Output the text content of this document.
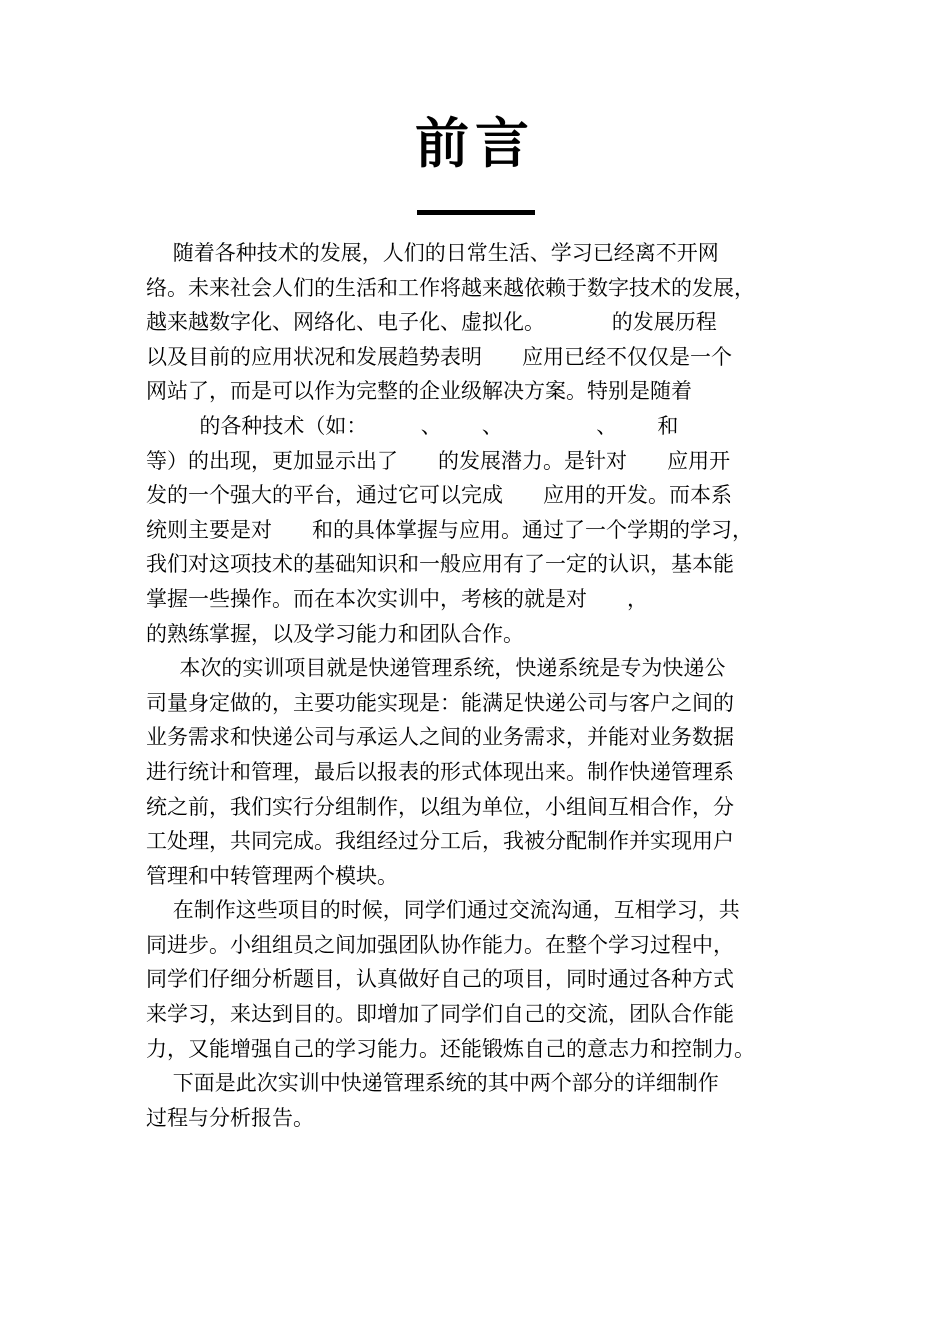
前言
随着各种技术的发展，人们的日常生活、学习已经离不开网
络。未来社会人们的生活和工作将越来越依赖于数字技术的发展，
越来越数字化、网络化、电子化、虚拟化。          的发展历程
以及目前的应用状况和发展趋势表明      应用已经不仅仅是一个
网站了，而是可以作为完整的企业级解决方案。特别是随着
的各种技术（如：        、      、              、      和
等）的出现，更加显示出了      的发展潜力。是针对      应用开
发的一个强大的平台，通过它可以完成      应用的开发。而本系
统则主要是对      和的具体掌握与应用。通过了一个学期的学习，
我们对这项技术的基础知识和一般应用有了一定的认识，基本能
掌握一些操作。而在本次实训中，考核的就是对      ，
的熟练掌握，以及学习能力和团队合作。
本次的实训项目就是快递管理系统，快递系统是专为快递公
司量身定做的，主要功能实现是：能满足快递公司与客户之间的
业务需求和快递公司与承运人之间的业务需求，并能对业务数据
进行统计和管理，最后以报表的形式体现出来。制作快递管理系
统之前，我们实行分组制作，以组为单位，小组间互相合作，分
工处理，共同完成。我组经过分工后，我被分配制作并实现用户
管理和中转管理两个模块。
在制作这些项目的时候，同学们通过交流沟通，互相学习，共
同进步。小组组员之间加强团队协作能力。在整个学习过程中，
同学们仔细分析题目，认真做好自己的项目，同时通过各种方式
来学习，来达到目的。即增加了同学们自己的交流，团队合作能
力，又能增强自己的学习能力。还能锻炼自己的意志力和控制力。
下面是此次实训中快递管理系统的其中两个部分的详细制作
过程与分析报告。
